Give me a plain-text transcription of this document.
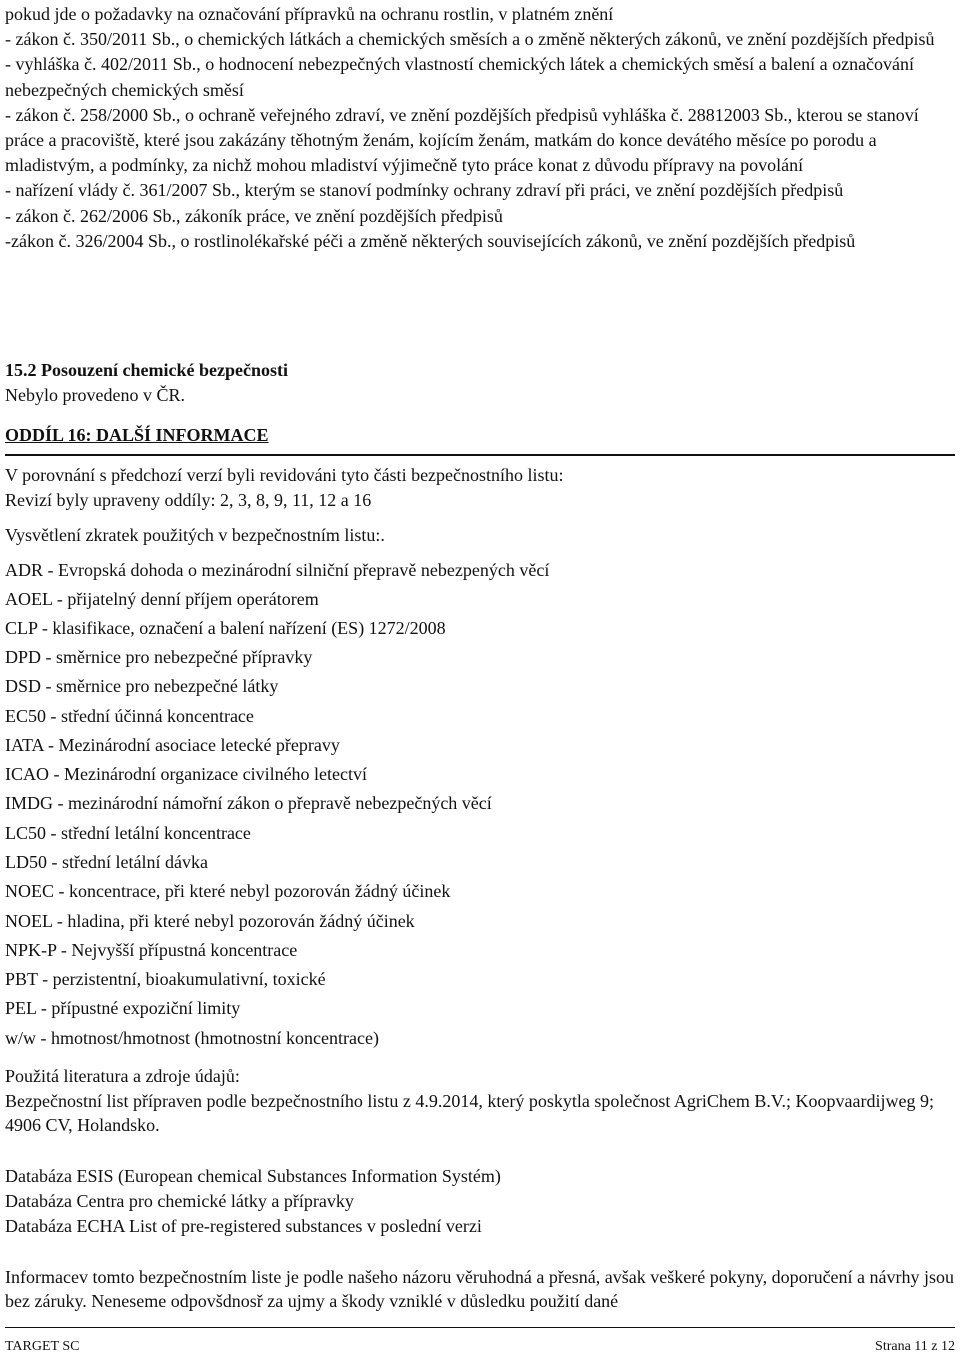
pokud jde o požadavky na označování přípravků na ochranu rostlin, v platném znění

- zákon č. 350/2011 Sb., o chemických látkách a chemických směsích a o změně některých zákonů, ve znění pozdějších předpisů

- vyhláška č. 402/2011 Sb., o hodnocení nebezpečných vlastností chemických látek a chemických směsí a balení a označování nebezpečných chemických směsí

- zákon č. 258/2000 Sb., o ochraně veřejného zdraví, ve znění pozdějších předpisů vyhláška č. 28812003 Sb., kterou se stanoví práce a pracoviště, které jsou zakázány těhotným ženám, kojícím ženám, matkám do konce devátého měsíce po porodu a mladistvým, a podmínky, za nichž mohou mladiství výjimečně tyto práce konat z důvodu přípravy na povolání

- nařízení vlády č. 361/2007 Sb., kterým se stanoví podmínky ochrany zdraví při práci, ve znění pozdějších předpisů

- zákon č. 262/2006 Sb., zákoník práce, ve znění pozdějších předpisů

-zákon č. 326/2004 Sb., o rostlinolékařské péči a změně některých souvisejících zákonů, ve znění pozdějších předpisů

15.2 Posouzení chemické bezpečnosti

Nebylo provedeno v ČR.

ODDÍL 16: DALŠÍ INFORMACE
V porovnání s předchozí verzí byli revidováni tyto části bezpečnostního listu:
Revizí byly upraveny oddíly: 2, 3, 8, 9, 11, 12 a 16
Vysvětlení zkratek použitých v bezpečnostním listu:.
ADR - Evropská dohoda o mezinárodní silniční přepravě nebezpených věcí
AOEL - přijatelný denní příjem operátorem
CLP - klasifikace, označení a balení nařízení (ES) 1272/2008
DPD - směrnice pro nebezpečné přípravky
DSD - směrnice pro nebezpečné látky
EC50 - střední účinná koncentrace
IATA - Mezinárodní asociace letecké přepravy
ICAO - Mezinárodní organizace civilného letectví
IMDG - mezinárodní námořní zákon o přepravě nebezpečných věcí
LC50 - střední letální koncentrace
LD50 - střední letální dávka
NOEC - koncentrace, při které nebyl pozorován žádný účinek
NOEL - hladina, při které nebyl pozorován žádný účinek
NPK-P - Nejvyšší přípustná koncentrace
PBT - perzistentní, bioakumulativní, toxické
PEL - přípustné expoziční limity
w/w - hmotnost/hmotnost (hmotnostní koncentrace)
Použitá literatura a zdroje údajů:
Bezpečnostní list přípraven podle bezpečnostního listu z 4.9.2014, který poskytla společnost AgriChem B.V.; Koopvaardijweg 9; 4906 CV, Holandsko.
Databáza ESIS (European chemical Substances Information Systém)
Databáza Centra pro chemické látky a přípravky
Databáza ECHA List of pre-registered substances v poslední verzi
Informacev tomto bezpečnostním liste je podle našeho názoru věruhodná a přesná, avšak veškeré pokyny, doporučení a návrhy jsou bez záruky. Neneseme odpovšdnosř za ujmy a škody vzniklé v důsledku použití dané
TARGET SC	Strana 11 z 12
